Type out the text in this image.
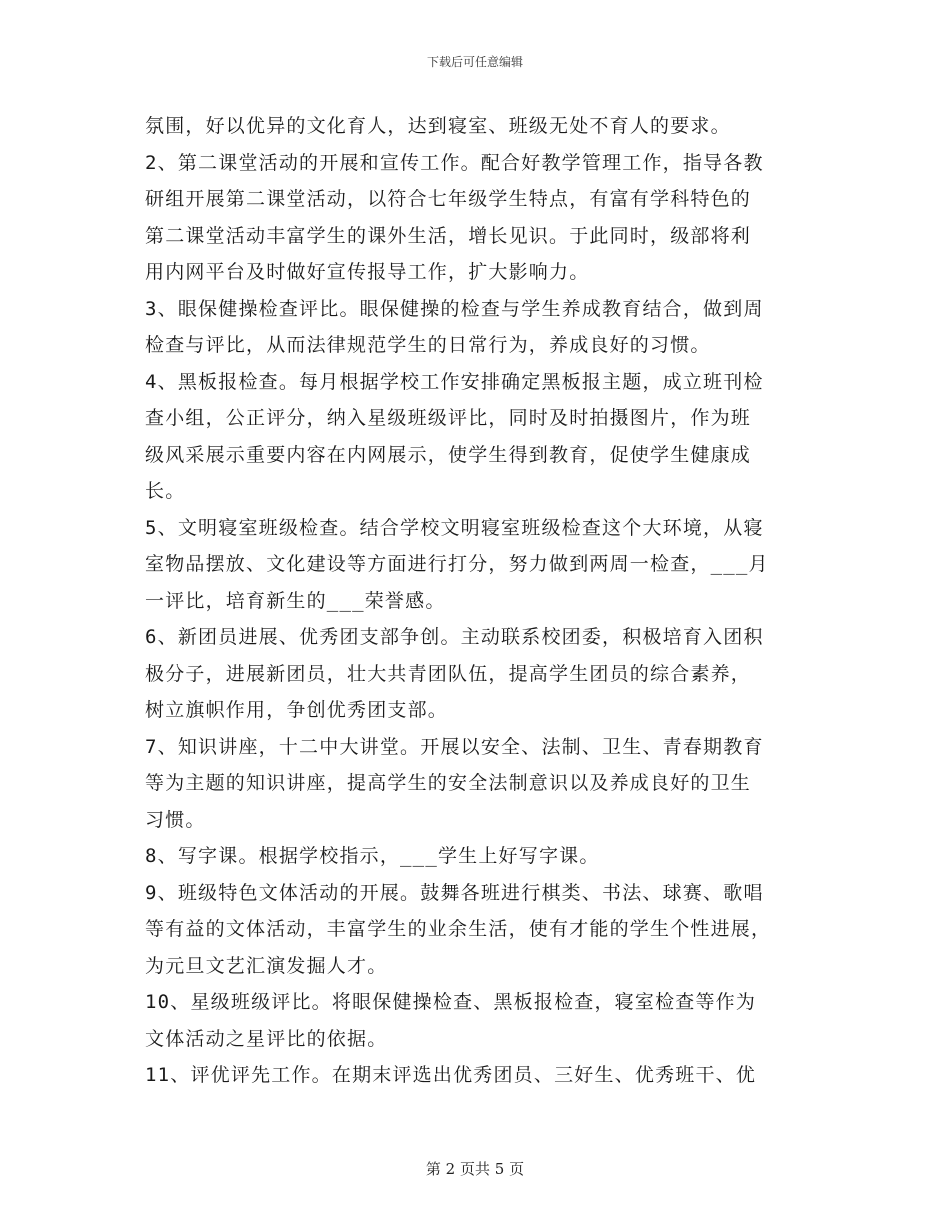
下载后可任意编辑
氛围，好以优异的文化育人，达到寝室、班级无处不育人的要求。
2、第二课堂活动的开展和宣传工作。配合好教学管理工作，指导各教
研组开展第二课堂活动，以符合七年级学生特点，有富有学科特色的
第二课堂活动丰富学生的课外生活，增长见识。于此同时，级部将利
用内网平台及时做好宣传报导工作，扩大影响力。
3、眼保健操检查评比。眼保健操的检查与学生养成教育结合，做到周
检查与评比，从而法律规范学生的日常行为，养成良好的习惯。
4、黑板报检查。每月根据学校工作安排确定黑板报主题，成立班刊检
查小组，公正评分，纳入星级班级评比，同时及时拍摄图片，作为班
级风采展示重要内容在内网展示，使学生得到教育，促使学生健康成
长。
5、文明寝室班级检查。结合学校文明寝室班级检查这个大环境，从寝
室物品摆放、文化建设等方面进行打分，努力做到两周一检查，___月
一评比，培育新生的___荣誉感。
6、新团员进展、优秀团支部争创。主动联系校团委，积极培育入团积
极分子，进展新团员，壮大共青团队伍，提高学生团员的综合素养，
树立旗帜作用，争创优秀团支部。
7、知识讲座，十二中大讲堂。开展以安全、法制、卫生、青春期教育
等为主题的知识讲座，提高学生的安全法制意识以及养成良好的卫生
习惯。
8、写字课。根据学校指示，___学生上好写字课。
9、班级特色文体活动的开展。鼓舞各班进行棋类、书法、球赛、歌唱
等有益的文体活动，丰富学生的业余生活，使有才能的学生个性进展，
为元旦文艺汇演发掘人才。
10、星级班级评比。将眼保健操检查、黑板报检查，寝室检查等作为
文体活动之星评比的依据。
11、评优评先工作。在期末评选出优秀团员、三好生、优秀班干、优
第 2 页共 5 页
